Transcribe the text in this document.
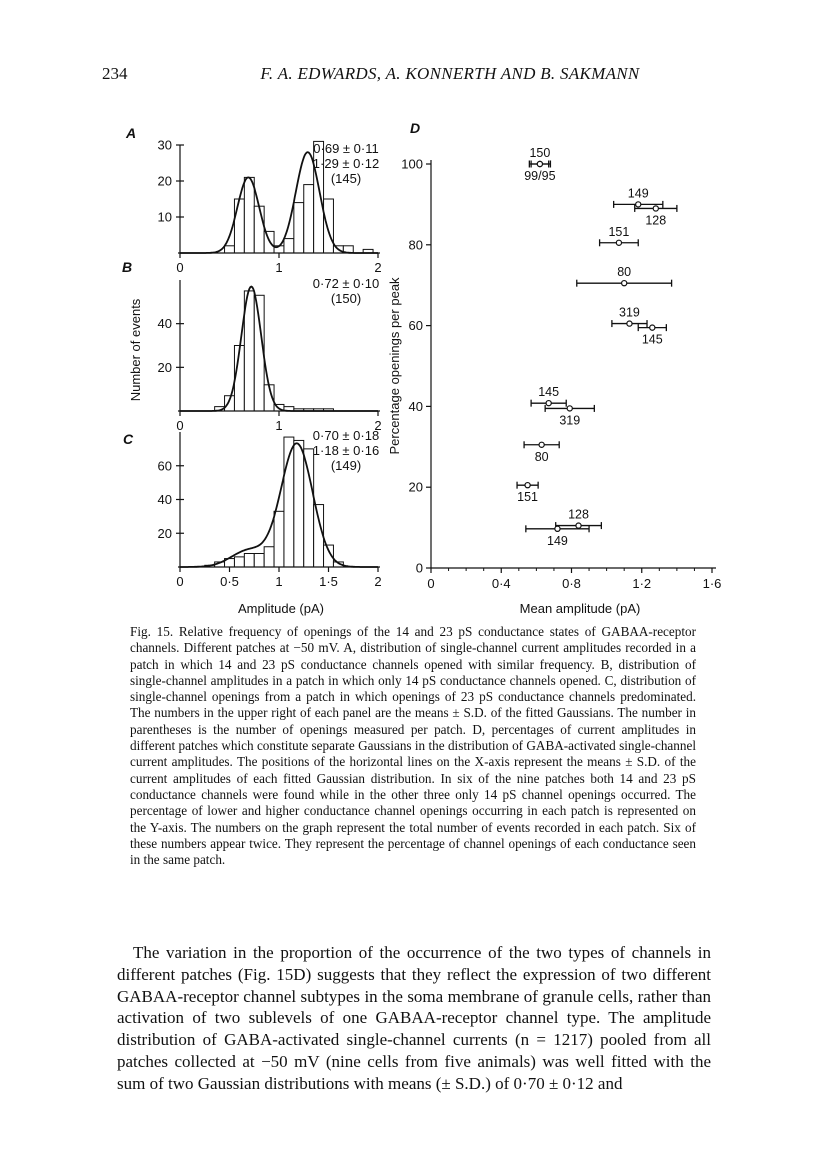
234	F. A. EDWARDS, A. KONNERTH AND B. SAKMANN
10
20
30
0	1	2
0·69 ± 0·11
1·29 ± 0·12
(145)
20
40
0	1	2
0·72 ± 0·10
(150)
20
40
60
0	0·5	1	1·5	2
0·70 ± 0·18
1·18 ± 0·16
(149)
0
20
40
60
80
100
0	0·4	0·8	1·2	1·6
150
99/95
149
128
151
80
319
145
145
319
80
151
128
149
A
B
C
D
Number of events
Amplitude (pA)
Percentage openings per peak
Mean amplitude (pA)
Fig. 15. Relative frequency of openings of the 14 and 23 pS conductance states of GABAA-receptor channels. Different patches at −50 mV. A, distribution of single-channel current amplitudes recorded in a patch in which 14 and 23 pS conductance channels opened with similar frequency. B, distribution of single-channel amplitudes in a patch in which only 14 pS conductance channels opened. C, distribution of single-channel openings from a patch in which openings of 23 pS conductance channels predominated. The numbers in the upper right of each panel are the means ± S.D. of the fitted Gaussians. The number in parentheses is the number of openings measured per patch. D, percentages of current amplitudes in different patches which constitute separate Gaussians in the distribution of GABA-activated single-channel current amplitudes. The positions of the horizontal lines on the X-axis represent the means ± S.D. of the current amplitudes of each fitted Gaussian distribution. In six of the nine patches both 14 and 23 pS conductance channels were found while in the other three only 14 pS channel openings occurred. The percentage of lower and higher conductance channel openings occurring in each patch is represented on the Y-axis. The numbers on the graph represent the total number of events recorded in each patch. Six of these numbers appear twice. They represent the percentage of channel openings of each conductance seen in the same patch.

The variation in the proportion of the occurrence of the two types of channels in different patches (Fig. 15D) suggests that they reflect the expression of two different GABAA-receptor channel subtypes in the soma membrane of granule cells, rather than activation of two sublevels of one GABAA-receptor channel type. The amplitude distribution of GABA-activated single-channel currents (n = 1217) pooled from all patches collected at −50 mV (nine cells from five animals) was well fitted with the sum of two Gaussian distributions with means (± S.D.) of 0·70 ± 0·12 and
